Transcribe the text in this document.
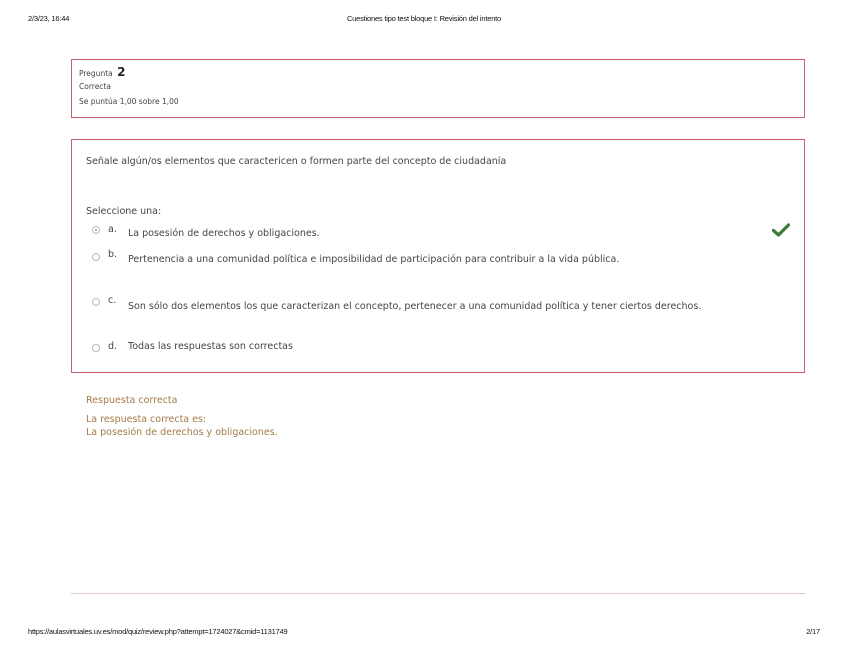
2/3/23, 16:44	Cuestiones tipo test bloque I: Revisión del intento
Pregunta 2
Correcta
Se puntúa 1,00 sobre 1,00
Señale algún/os elementos que caractericen o formen parte del concepto de ciudadanía
Seleccione una:
a. La posesión de derechos y obligaciones.
b. Pertenencia a una comunidad política e imposibilidad de participación para contribuir a la vida pública.
c.
Son sólo dos elementos los que caracterizan el concepto, pertenecer a una comunidad política y tener ciertos derechos.
d. Todas las respuestas son correctas
Respuesta correcta
La respuesta correcta es:
La posesión de derechos y obligaciones.
https://aulasvirtuales.uv.es/mod/quiz/review.php?attempt=1724027&cmid=1131749	2/17
